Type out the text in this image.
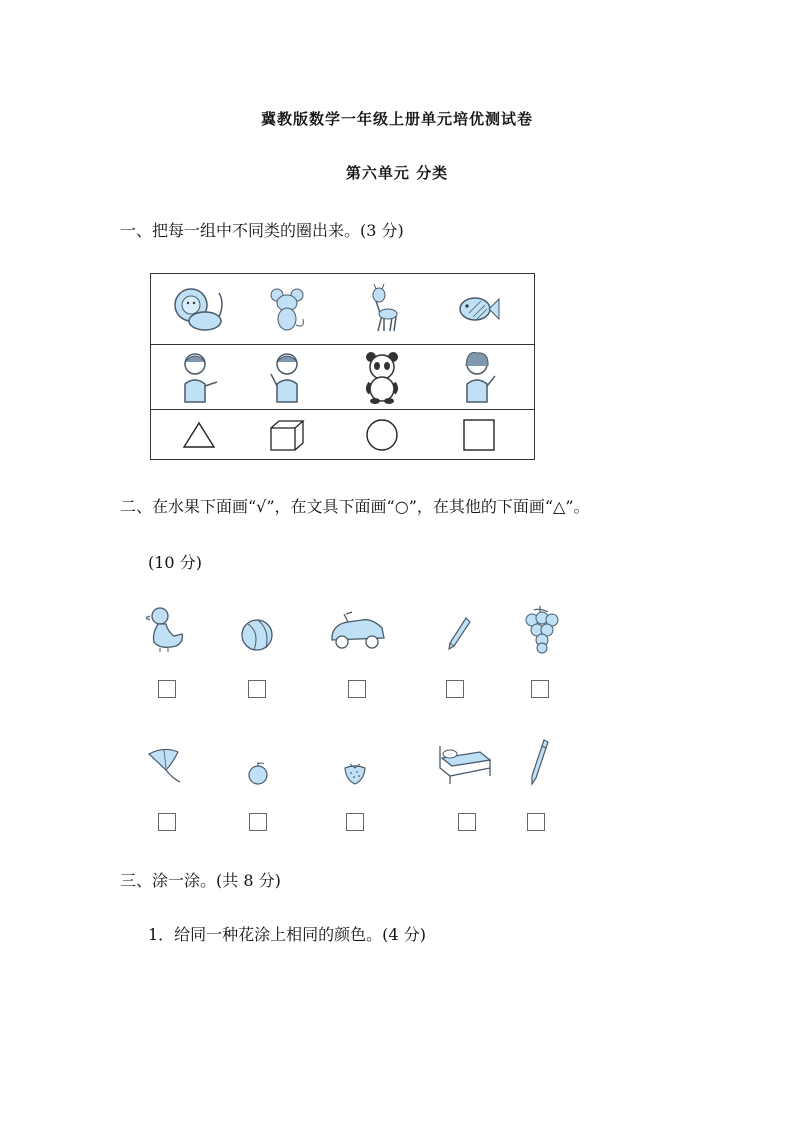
冀教版数学一年级上册单元培优测试卷
第六单元 分类
一、把每一组中不同类的圈出来。(3 分)
二、在水果下面画“√”，在文具下面画“○”，在其他的下面画“△”。
(10 分)
三、涂一涂。(共 8 分)
1．给同一种花涂上相同的颜色。(4 分)
